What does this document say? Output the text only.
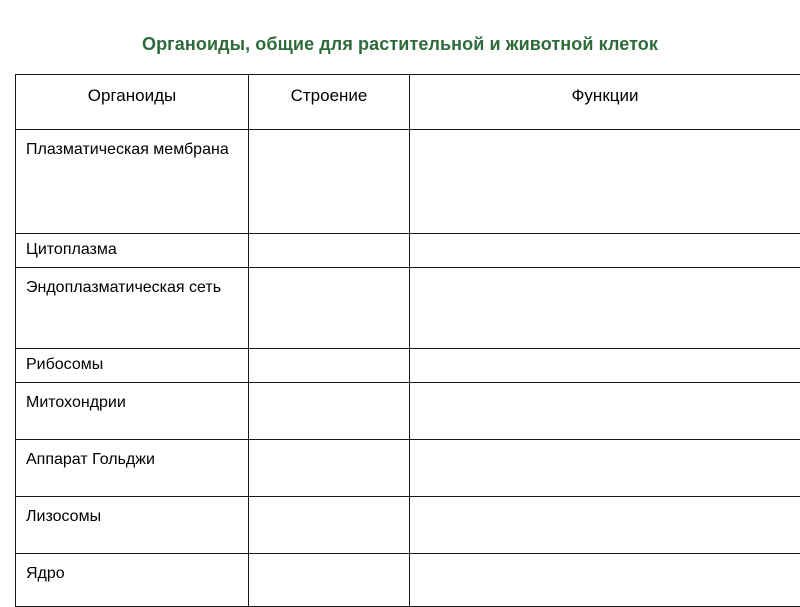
Органоиды, общие для растительной и животной клеток
Органоиды	Строение	Функции
Плазматическая мембрана		
Цитоплазма		
Эндоплазматическая сеть		
Рибосомы		
Митохондрии		
Аппарат Гольджи		
Лизосомы		
Ядро		
